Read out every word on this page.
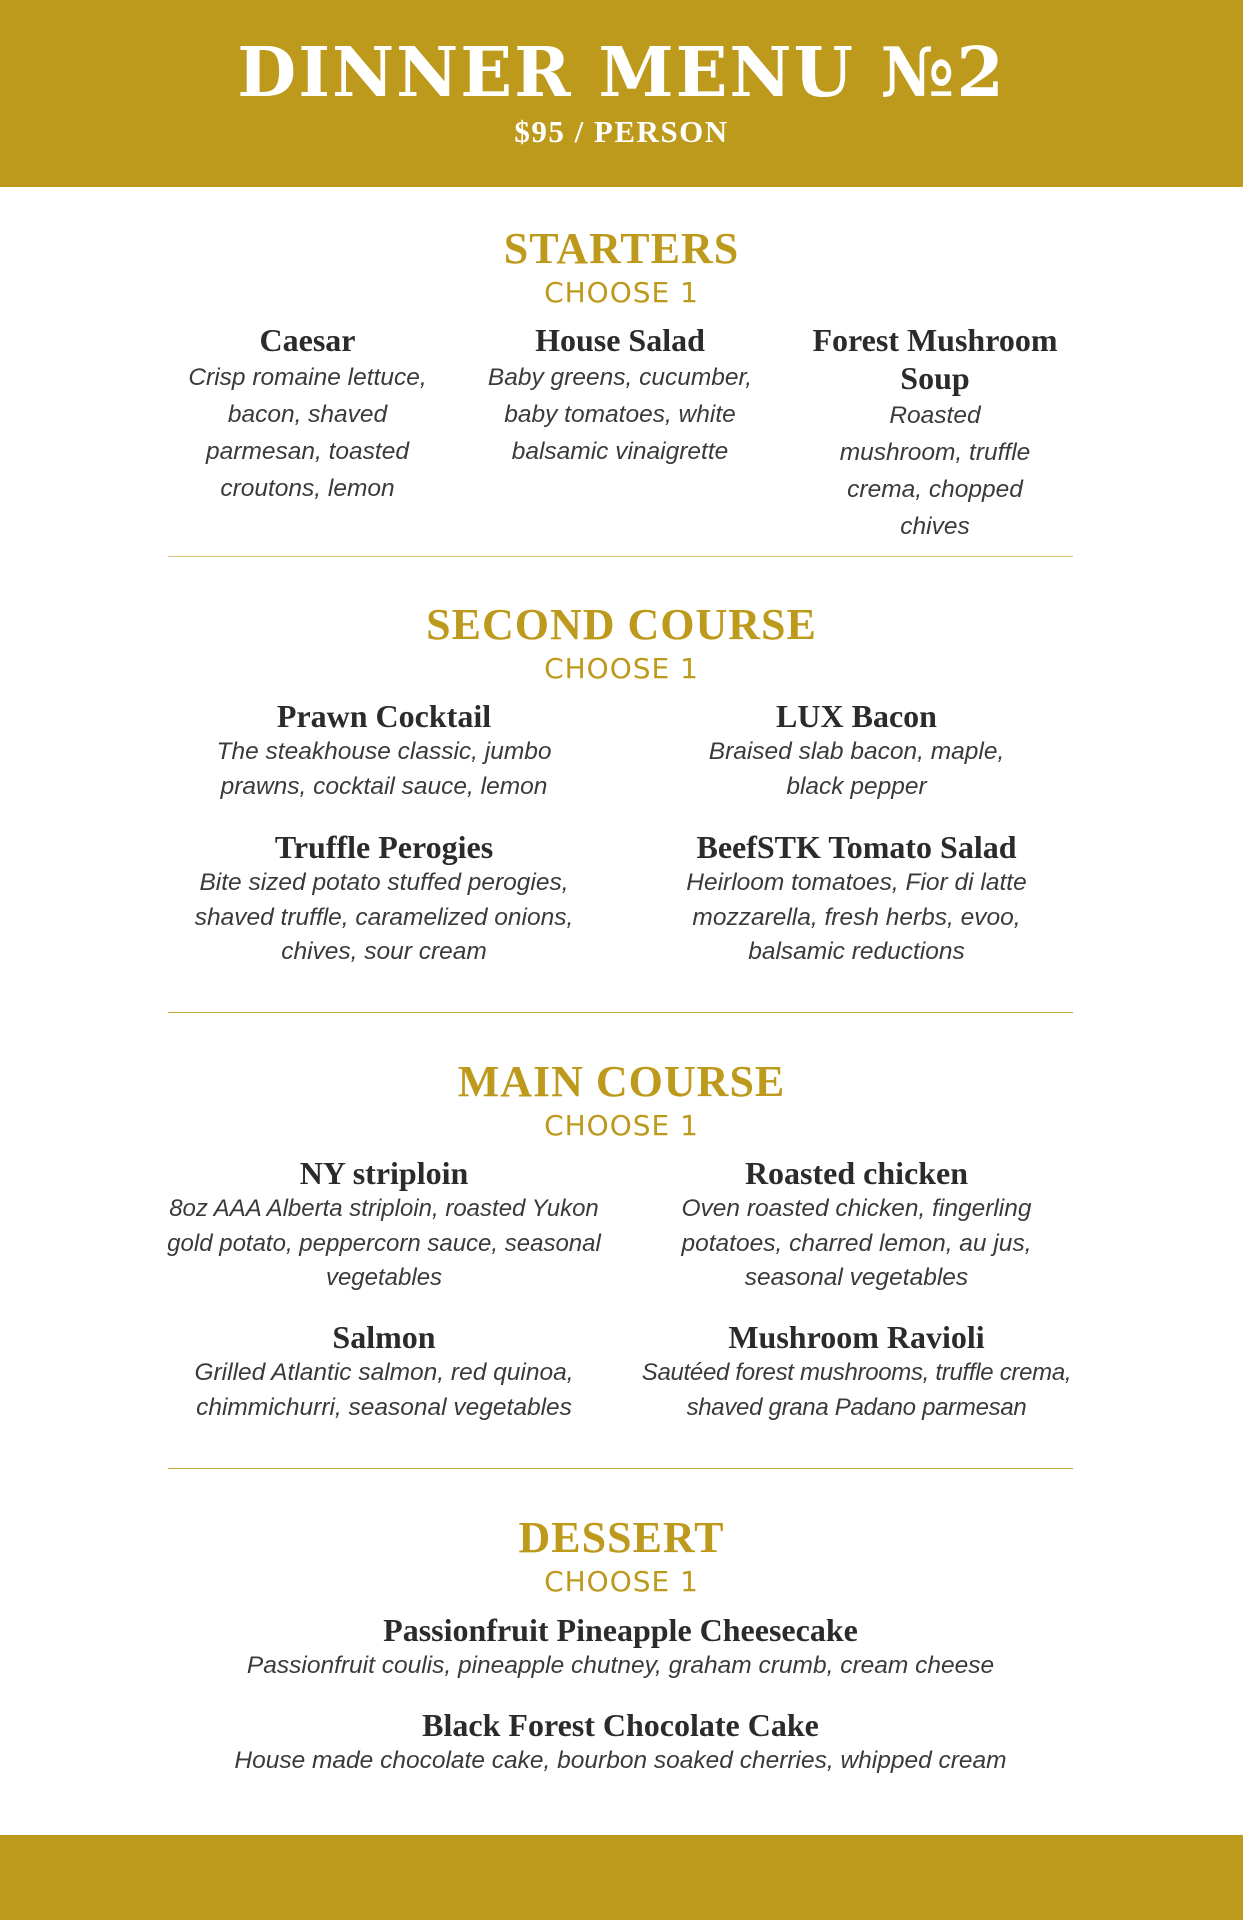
DINNER MENU №2
$95 / PERSON
STARTERS
CHOOSE 1
Caesar
Crisp romaine lettuce, bacon, shaved parmesan, toasted croutons, lemon
House Salad
Baby greens, cucumber, baby tomatoes, white balsamic vinaigrette
Forest Mushroom Soup
Roasted mushroom, truffle crema, chopped chives
SECOND COURSE
CHOOSE 1
Prawn Cocktail
The steakhouse classic, jumbo prawns, cocktail sauce, lemon
LUX Bacon
Braised slab bacon, maple, black pepper
Truffle Perogies
Bite sized potato stuffed perogies, shaved truffle, caramelized onions, chives, sour cream
BeefSTK Tomato Salad
Heirloom tomatoes, Fior di latte mozzarella, fresh herbs, evoo, balsamic reductions
MAIN COURSE
CHOOSE 1
NY striploin
8oz AAA Alberta striploin, roasted Yukon gold potato, peppercorn sauce, seasonal vegetables
Roasted chicken
Oven roasted chicken, fingerling potatoes, charred lemon, au jus, seasonal vegetables
Salmon
Grilled Atlantic salmon, red quinoa, chimmichurri, seasonal vegetables
Mushroom Ravioli
Sautéed forest mushrooms, truffle crema, shaved grana Padano parmesan
DESSERT
CHOOSE 1
Passionfruit Pineapple Cheesecake
Passionfruit coulis, pineapple chutney, graham crumb, cream cheese
Black Forest Chocolate Cake
House made chocolate cake, bourbon soaked cherries, whipped cream
